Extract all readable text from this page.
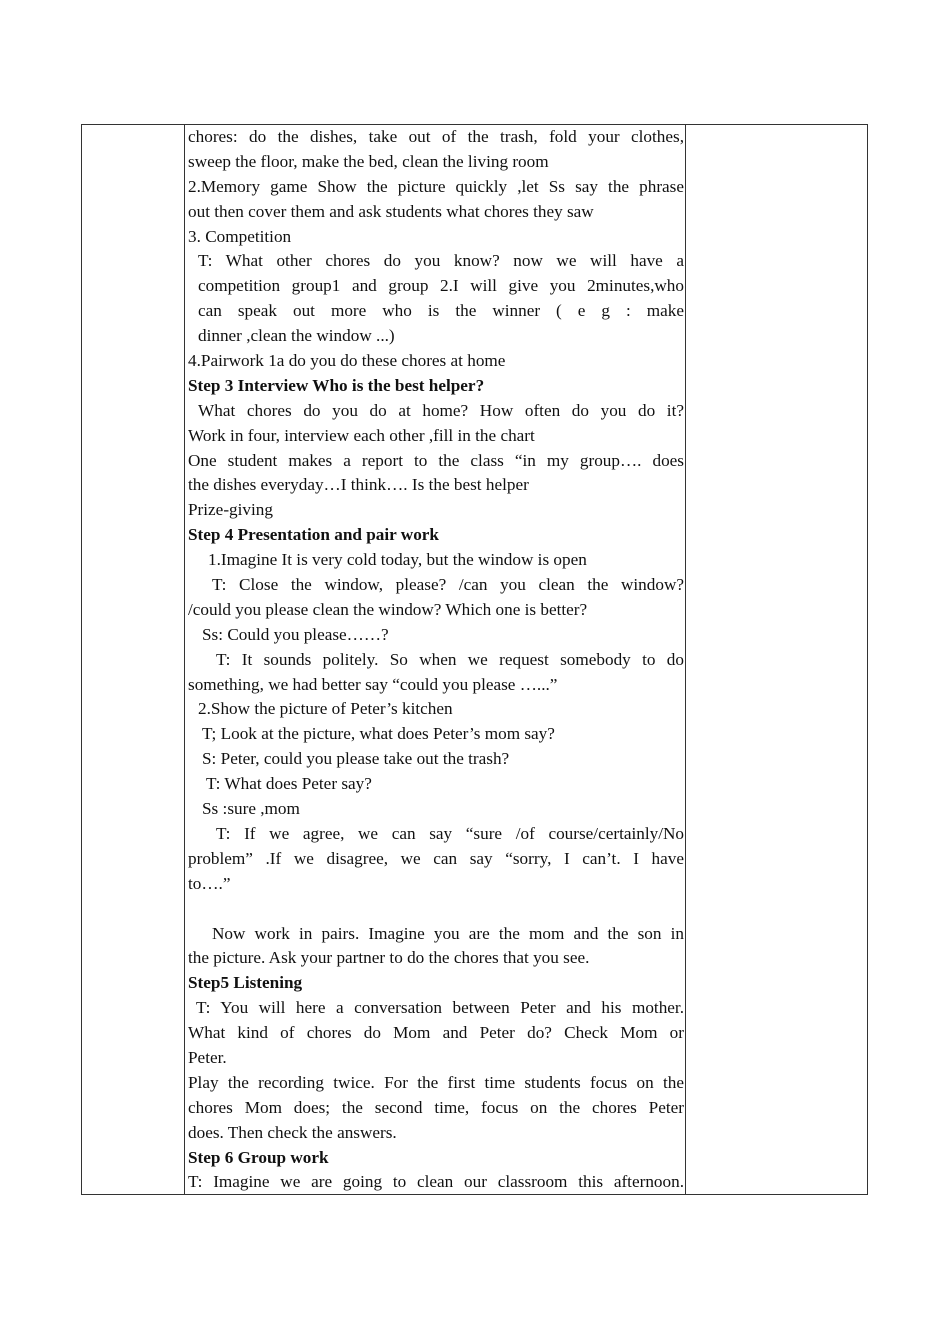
chores: do the dishes, take out of the trash, fold your clothes,
sweep the floor, make the bed, clean the living room
2.Memory game Show the picture quickly ,let Ss say the phrase
out then cover them and ask students what chores they saw
3. Competition
T: What other chores do you know? now we will have a
competition group1 and group 2.I will give you 2minutes,who
can speak out more who is the winner ( e g : make
dinner ,clean the window ...)
4.Pairwork 1a do you do these chores at home
Step 3 Interview Who is the best helper?
What chores do you do at home? How often do you do it?
Work in four, interview each other ,fill in the chart
One student makes a report to the class “in my group…. does
the dishes everyday…I think…. Is the best helper
Prize-giving
Step 4 Presentation and pair work
1.Imagine It is very cold today, but the window is open
T: Close the window, please? /can you clean the window?
/could you please clean the window? Which one is better?
Ss: Could you please……?
T: It sounds politely. So when we request somebody to do
something, we had better say “could you please …...”
2.Show the picture of Peter’s kitchen
T; Look at the picture, what does Peter’s mom say?
S: Peter, could you please take out the trash?
T: What does Peter say?
Ss :sure ,mom
T: If we agree, we can say “sure /of course/certainly/No
problem” .If we disagree, we can say “sorry, I can’t. I have
to….”
Now work in pairs. Imagine you are the mom and the son in
the picture. Ask your partner to do the chores that you see.
Step5 Listening
T: You will here a conversation between Peter and his mother.
What kind of chores do Mom and Peter do? Check Mom or
Peter.
Play the recording twice. For the first time students focus on the
chores Mom does; the second time, focus on the chores Peter
does. Then check the answers.
Step 6 Group work
T: Imagine we are going to clean our classroom this afternoon.
